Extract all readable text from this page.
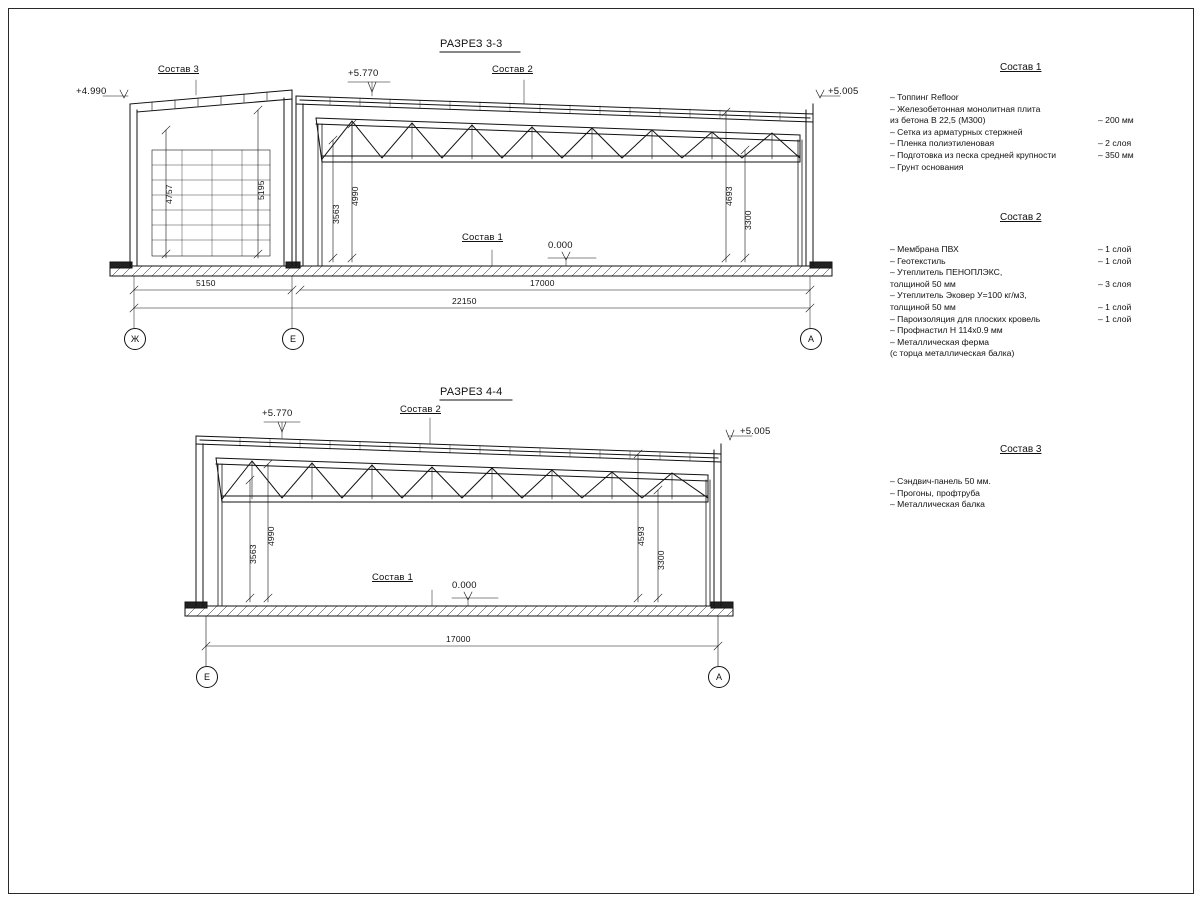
РАЗРЕЗ 3-3
+4.990
+5.770
+5.005
0.000
Состав 3	Состав 2
Состав 1
4757	5195
3563
4990	4693
3300
5150	17000
22150
Ж	Е	А
РАЗРЕЗ 4-4
+5.770
+5.005
0.000
Состав 2
Состав 1
3563
4990	4593
3300
17000
Е	А
Состав 1
– Топпинг Refloor
– Железобетонная монолитная плита
из бетона В 22,5 (М300)	– 200 мм
– Сетка из арматурных стержней
– Пленка полиэтиленовая	– 2 слоя
– Подготовка из песка средней крупности	– 350 мм
– Грунт основания
Состав 2
– Мембрана ПВХ	– 1 слой
– Геотекстиль	– 1 слой
– Утеплитель ПЕНОПЛЭКС,
толщиной 50 мм	– 3 слоя
– Утеплитель Эковер У=100 кг/м3,
толщиной 50 мм	– 1 слой
– Пароизоляция для плоских кровель	– 1 слой
– Профнастил Н 114х0.9 мм
– Металлическая ферма
(с торца металлическая балка)
Состав 3
– Сэндвич-панель 50 мм.
– Прогоны, профтруба
– Металлическая балка
